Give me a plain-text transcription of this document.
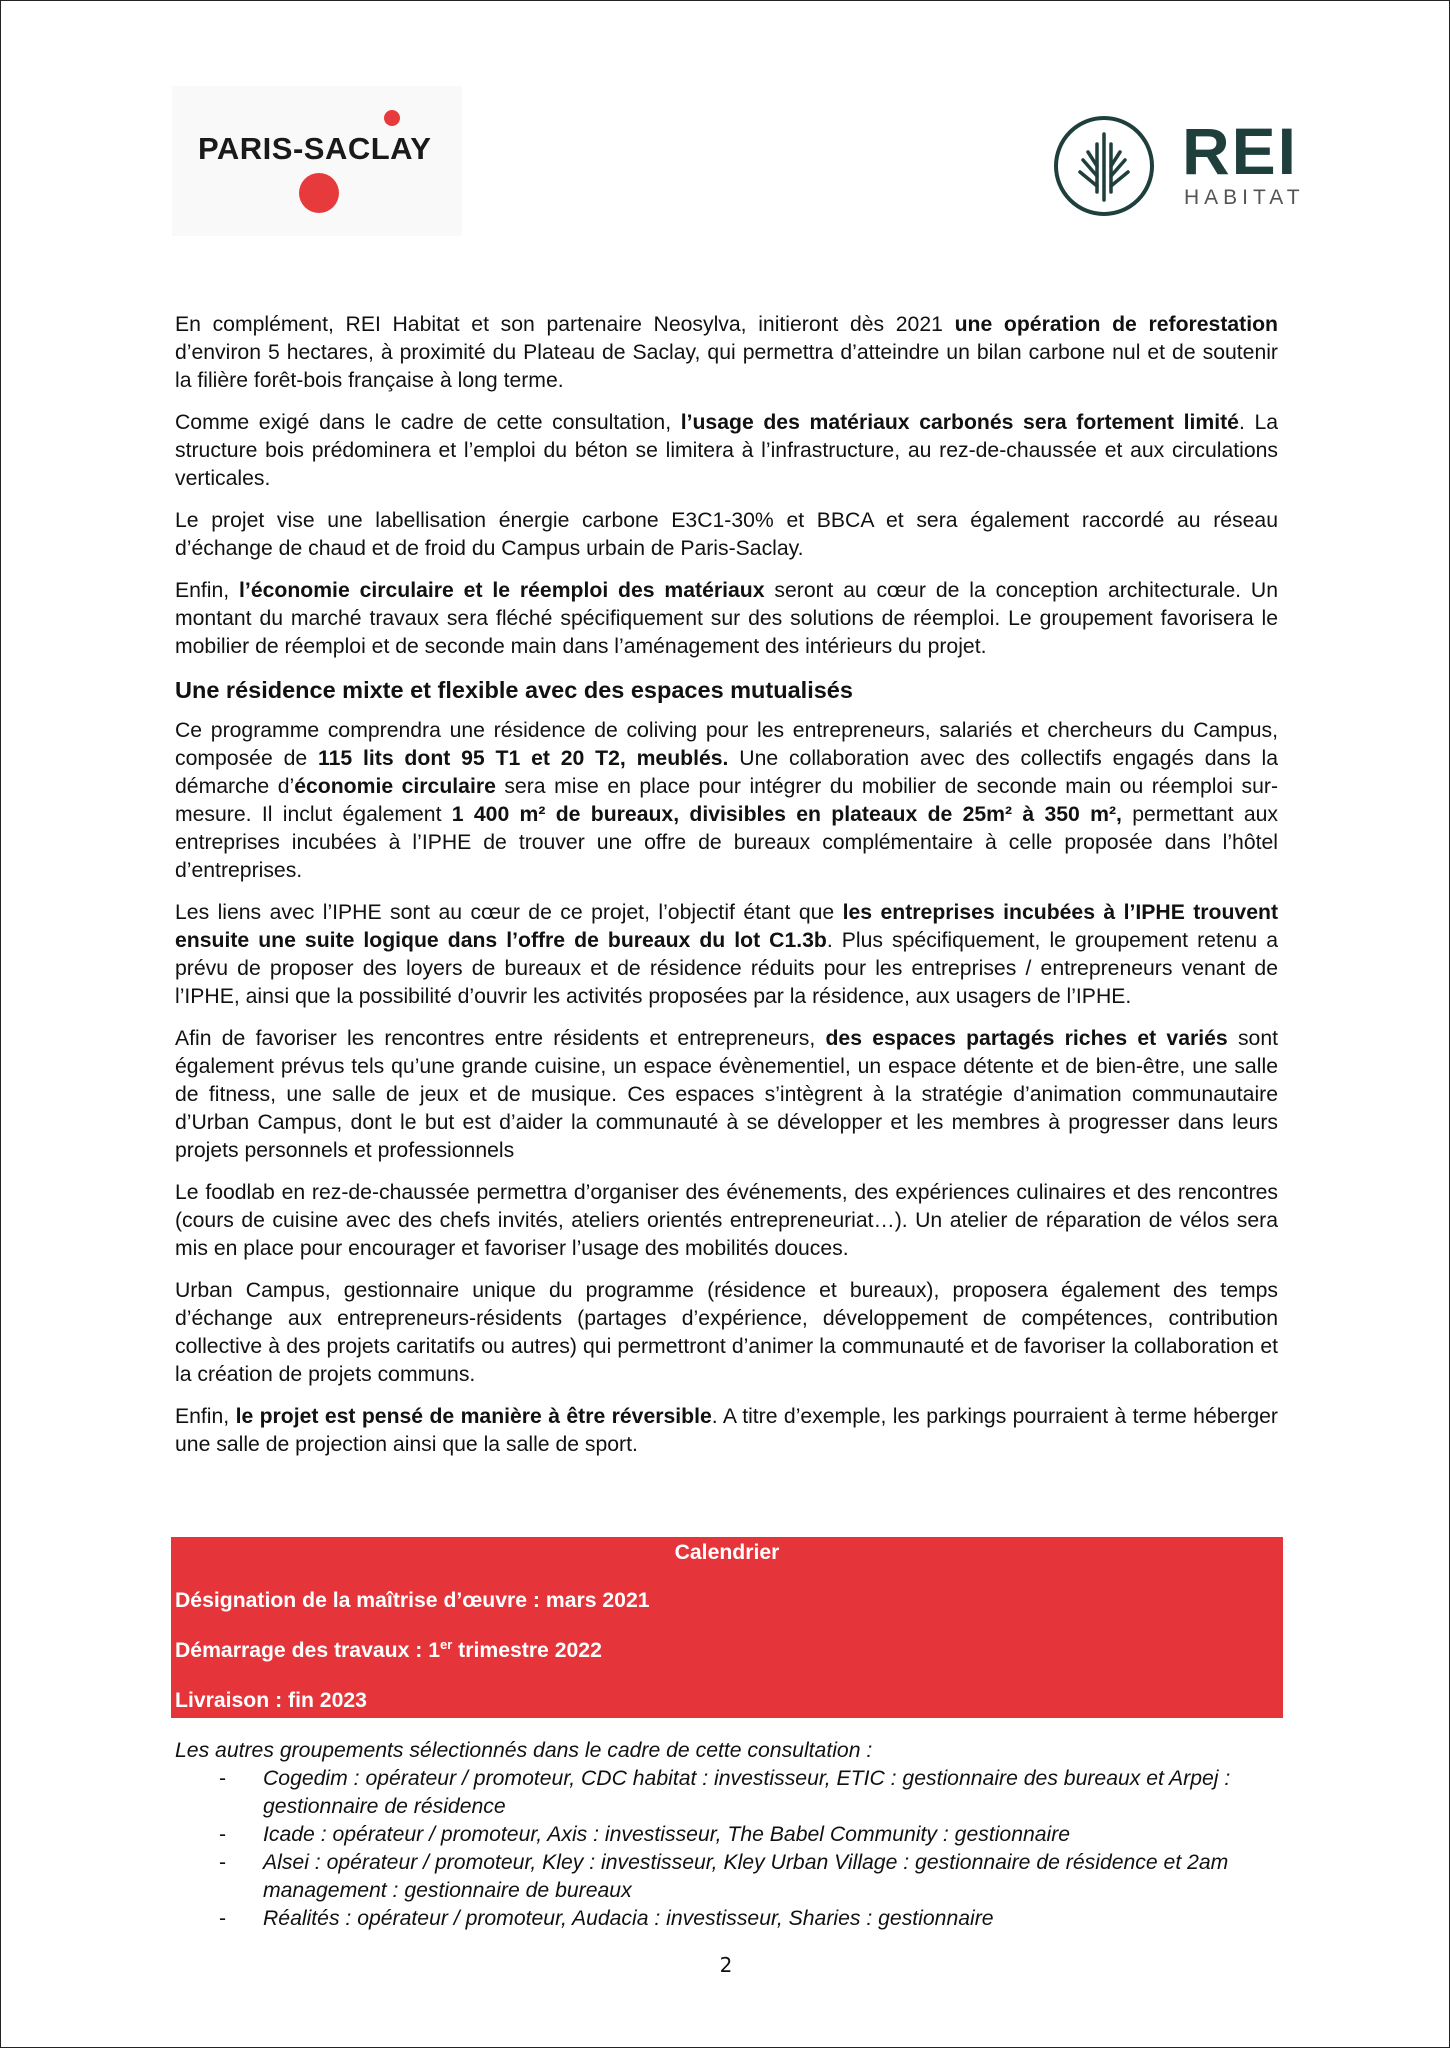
PARIS-SACLAY	REI
HABITAT

En complément, REI Habitat et son partenaire Neosylva, initieront dès 2021 une opération de reforestation d’environ 5 hectares, à proximité du Plateau de Saclay, qui permettra d’atteindre un bilan carbone nul et de soutenir la filière forêt-bois française à long terme.

Comme exigé dans le cadre de cette consultation, l’usage des matériaux carbonés sera fortement limité. La structure bois prédominera et l’emploi du béton se limitera à l’infrastructure, au rez-de-chaussée et aux circulations verticales.

Le projet vise une labellisation énergie carbone E3C1-30% et BBCA et sera également raccordé au réseau d’échange de chaud et de froid du Campus urbain de Paris-Saclay.

Enfin, l’économie circulaire et le réemploi des matériaux seront au cœur de la conception architecturale. Un montant du marché travaux sera fléché spécifiquement sur des solutions de réemploi. Le groupement favorisera le mobilier de réemploi et de seconde main dans l’aménagement des intérieurs du projet.

Une résidence mixte et flexible avec des espaces mutualisés

Ce programme comprendra une résidence de coliving pour les entrepreneurs, salariés et chercheurs du Campus, composée de 115 lits dont 95 T1 et 20 T2, meublés. Une collaboration avec des collectifs engagés dans la démarche d’économie circulaire sera mise en place pour intégrer du mobilier de seconde main ou réemploi sur-mesure. Il inclut également 1 400 m² de bureaux, divisibles en plateaux de 25m² à 350 m², permettant aux entreprises incubées à l’IPHE de trouver une offre de bureaux complémentaire à celle proposée dans l’hôtel d’entreprises.

Les liens avec l’IPHE sont au cœur de ce projet, l’objectif étant que les entreprises incubées à l’IPHE trouvent ensuite une suite logique dans l’offre de bureaux du lot C1.3b. Plus spécifiquement, le groupement retenu a prévu de proposer des loyers de bureaux et de résidence réduits pour les entreprises / entrepreneurs venant de l’IPHE, ainsi que la possibilité d’ouvrir les activités proposées par la résidence, aux usagers de l’IPHE.

Afin de favoriser les rencontres entre résidents et entrepreneurs, des espaces partagés riches et variés sont également prévus tels qu’une grande cuisine, un espace évènementiel, un espace détente et de bien-être, une salle de fitness, une salle de jeux et de musique. Ces espaces s’intègrent à la stratégie d’animation communautaire d’Urban Campus, dont le but est d’aider la communauté à se développer et les membres à progresser dans leurs projets personnels et professionnels

Le foodlab en rez-de-chaussée permettra d’organiser des événements, des expériences culinaires et des rencontres (cours de cuisine avec des chefs invités, ateliers orientés entrepreneuriat…). Un atelier de réparation de vélos sera mis en place pour encourager et favoriser l’usage des mobilités douces.

Urban Campus, gestionnaire unique du programme (résidence et bureaux), proposera également des temps d’échange aux entrepreneurs-résidents (partages d’expérience, développement de compétences, contribution collective à des projets caritatifs ou autres) qui permettront d’animer la communauté et de favoriser la collaboration et la création de projets communs.

Enfin, le projet est pensé de manière à être réversible. A titre d’exemple, les parkings pourraient à terme héberger une salle de projection ainsi que la salle de sport.

Calendrier
Désignation de la maîtrise d’œuvre : mars 2021
Démarrage des travaux : 1er trimestre 2022
Livraison : fin 2023

Les autres groupements sélectionnés dans le cadre de cette consultation :

- Cogedim : opérateur / promoteur, CDC habitat : investisseur, ETIC : gestionnaire des bureaux et Arpej : gestionnaire de résidence
- Icade : opérateur / promoteur, Axis : investisseur, The Babel Community : gestionnaire
- Alsei : opérateur / promoteur, Kley : investisseur, Kley Urban Village : gestionnaire de résidence et 2am management : gestionnaire de bureaux
- Réalités : opérateur / promoteur, Audacia : investisseur, Sharies : gestionnaire
2
